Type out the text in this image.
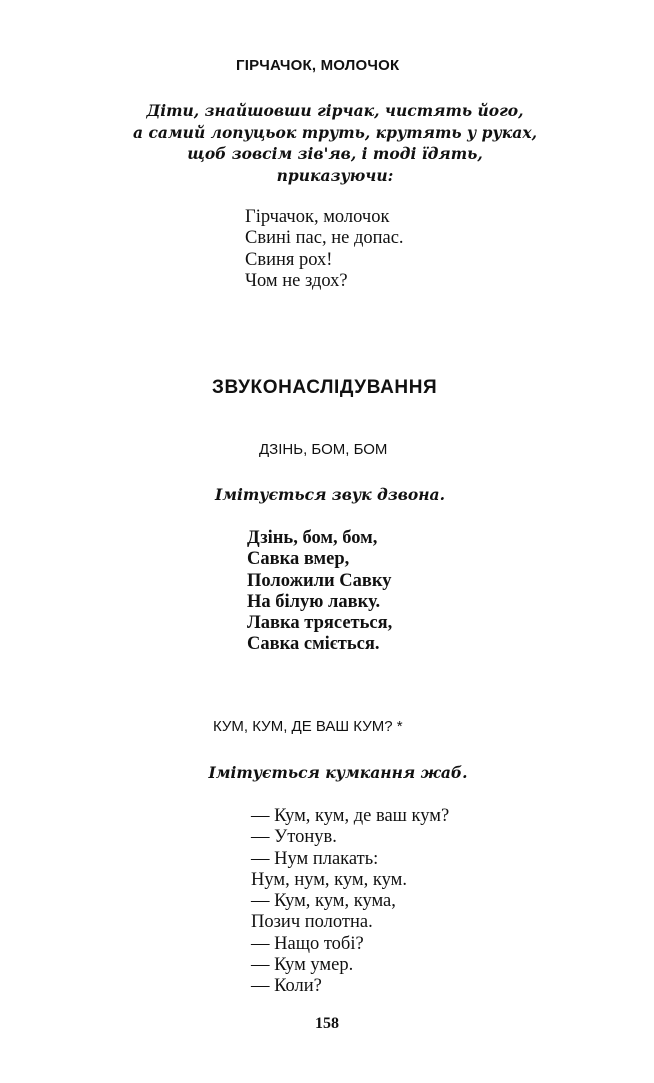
ГІРЧАЧОК, МОЛОЧОК
Діти, знайшовши гірчак, чистять його,
а самий лопуцьок труть, крутять у руках,
щоб зовсім зів'яв, і тоді їдять,
приказуючи:
Гірчачок, молочок
Свині пас, не допас.
Свиня рох!
Чом не здох?
ЗВУКОНАСЛІДУВАННЯ
ДЗІНЬ, БОМ, БОМ
Імітується звук дзвона.
Дзінь, бом, бом,
Савка вмер,
Положили Савку
На білую лавку.
Лавка трясеться,
Савка сміється.
КУМ, КУМ, ДЕ ВАШ КУМ? *
Імітується кумкання жаб.
— Кум, кум, де ваш кум?
— Утонув.
— Нум плакать:
Нум, нум, кум, кум.
— Кум, кум, кума,
Позич полотна.
— Нащо тобі?
— Кум умер.
— Коли?
158
